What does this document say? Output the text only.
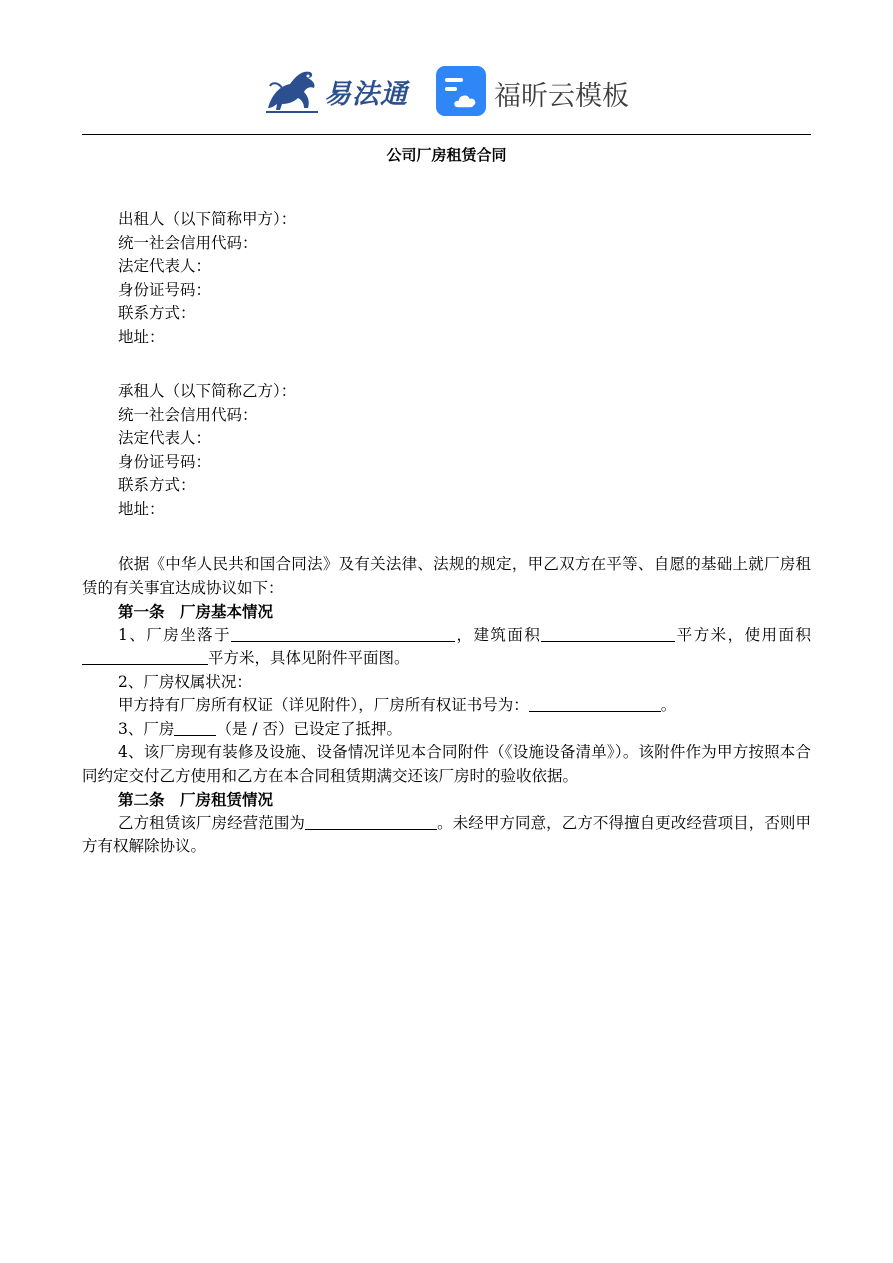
易法通	福昕云模板
公司厂房租赁合同
出租人（以下简称甲方）：
统一社会信用代码：
法定代表人：
身份证号码：
联系方式：
地址：
承租人（以下简称乙方）：
统一社会信用代码：
法定代表人：
身份证号码：
联系方式：
地址：
依据《中华人民共和国合同法》及有关法律、法规的规定，甲乙双方在平等、自愿的基础上就厂房租赁的有关事宜达成协议如下：
第一条　厂房基本情况
1、厂房坐落于	，建筑面积	平方米，使用面积平方米，具体见附件平面图。
2、厂房权属状况：
甲方持有厂房所有权证（详见附件），厂房所有权证书号为：	。
3、厂房	（是 / 否）已设定了抵押。
4、该厂房现有装修及设施、设备情况详见本合同附件（《设施设备清单》）。该附件作为甲方按照本合同约定交付乙方使用和乙方在本合同租赁期满交还该厂房时的验收依据。
第二条　厂房租赁情况
乙方租赁该厂房经营范围为	。未经甲方同意，乙方不得擅自更改经营项目，否则甲方有权解除协议。
